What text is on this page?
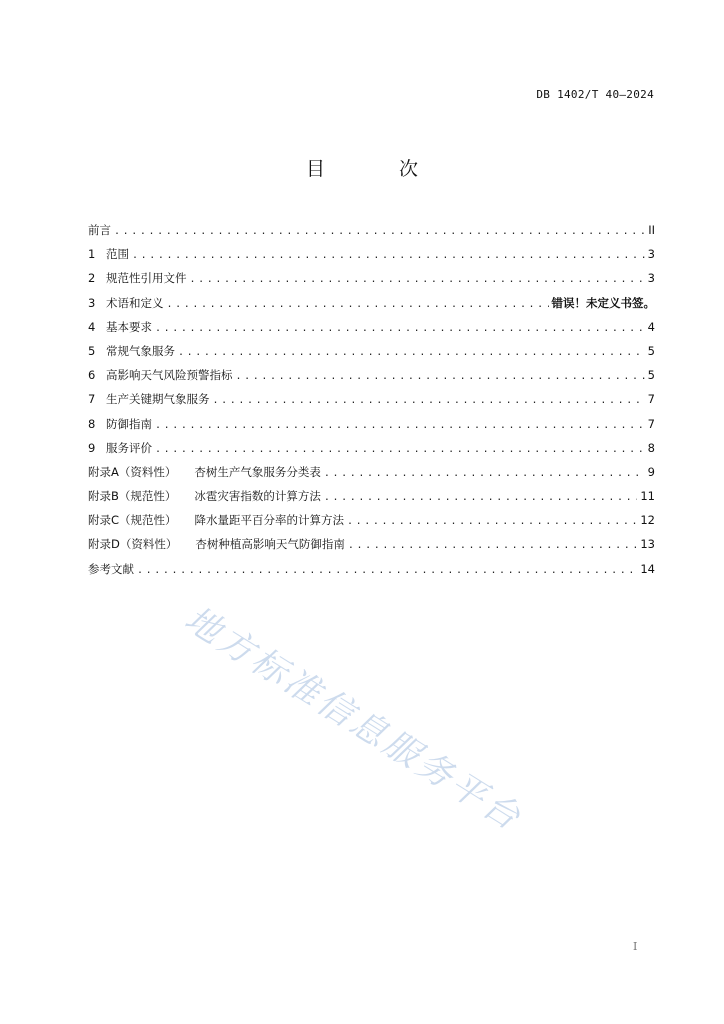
DB 1402/T 40—2024
目 次
前言 .....	II
1 范围 .....	3
2 规范性引用文件 .....	3
3 术语和定义 .....	错误！未定义书签。
4 基本要求 .....	4
5 常规气象服务 .....	5
6 高影响天气风险预警指标 .....	5
7 生产关键期气象服务 .....	7
8 防御指南 .....	7
9 服务评价 .....	8
附录A（资料性） 杏树生产气象服务分类表 .....	9
附录B（规范性） 冰雹灾害指数的计算方法 .....	11
附录C（规范性） 降水量距平百分率的计算方法 .....	12
附录D（资料性） 杏树种植高影响天气防御指南 .....	13
参考文献 .....	14
地方标准信息服务平台
I
